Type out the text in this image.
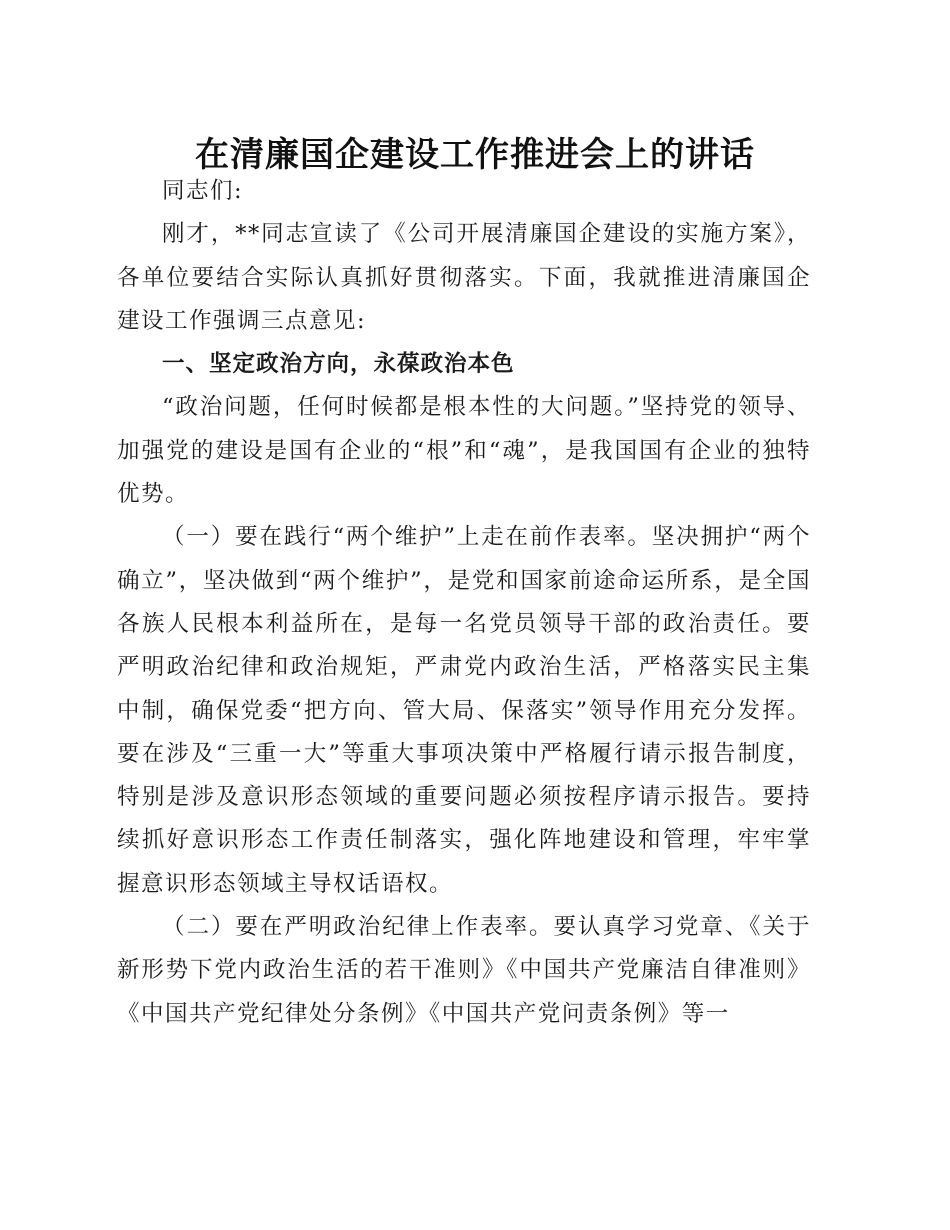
在清廉国企建设工作推进会上的讲话

同志们:

刚才，**同志宣读了《公司开展清廉国企建设的实施方案》，各单位要结合实际认真抓好贯彻落实。下面，我就推进清廉国企建设工作强调三点意见:

一、坚定政治方向，永葆政治本色

“政治问题，任何时候都是根本性的大问题。”坚持党的领导、加强党的建设是国有企业的“根”和“魂”，是我国国有企业的独特优势。

（一）要在践行“两个维护”上走在前作表率。坚决拥护“两个确立”，坚决做到“两个维护”，是党和国家前途命运所系，是全国各族人民根本利益所在，是每一名党员领导干部的政治责任。要严明政治纪律和政治规矩，严肃党内政治生活，严格落实民主集中制，确保党委“把方向、管大局、保落实”领导作用充分发挥。要在涉及“三重一大”等重大事项决策中严格履行请示报告制度，特别是涉及意识形态领域的重要问题必须按程序请示报告。要持续抓好意识形态工作责任制落实，强化阵地建设和管理，牢牢掌握意识形态领域主导权话语权。

（二）要在严明政治纪律上作表率。要认真学习党章、《关于新形势下党内政治生活的若干准则》《中国共产党廉洁自律准则》《中国共产党纪律处分条例》《中国共产党问责条例》等一
